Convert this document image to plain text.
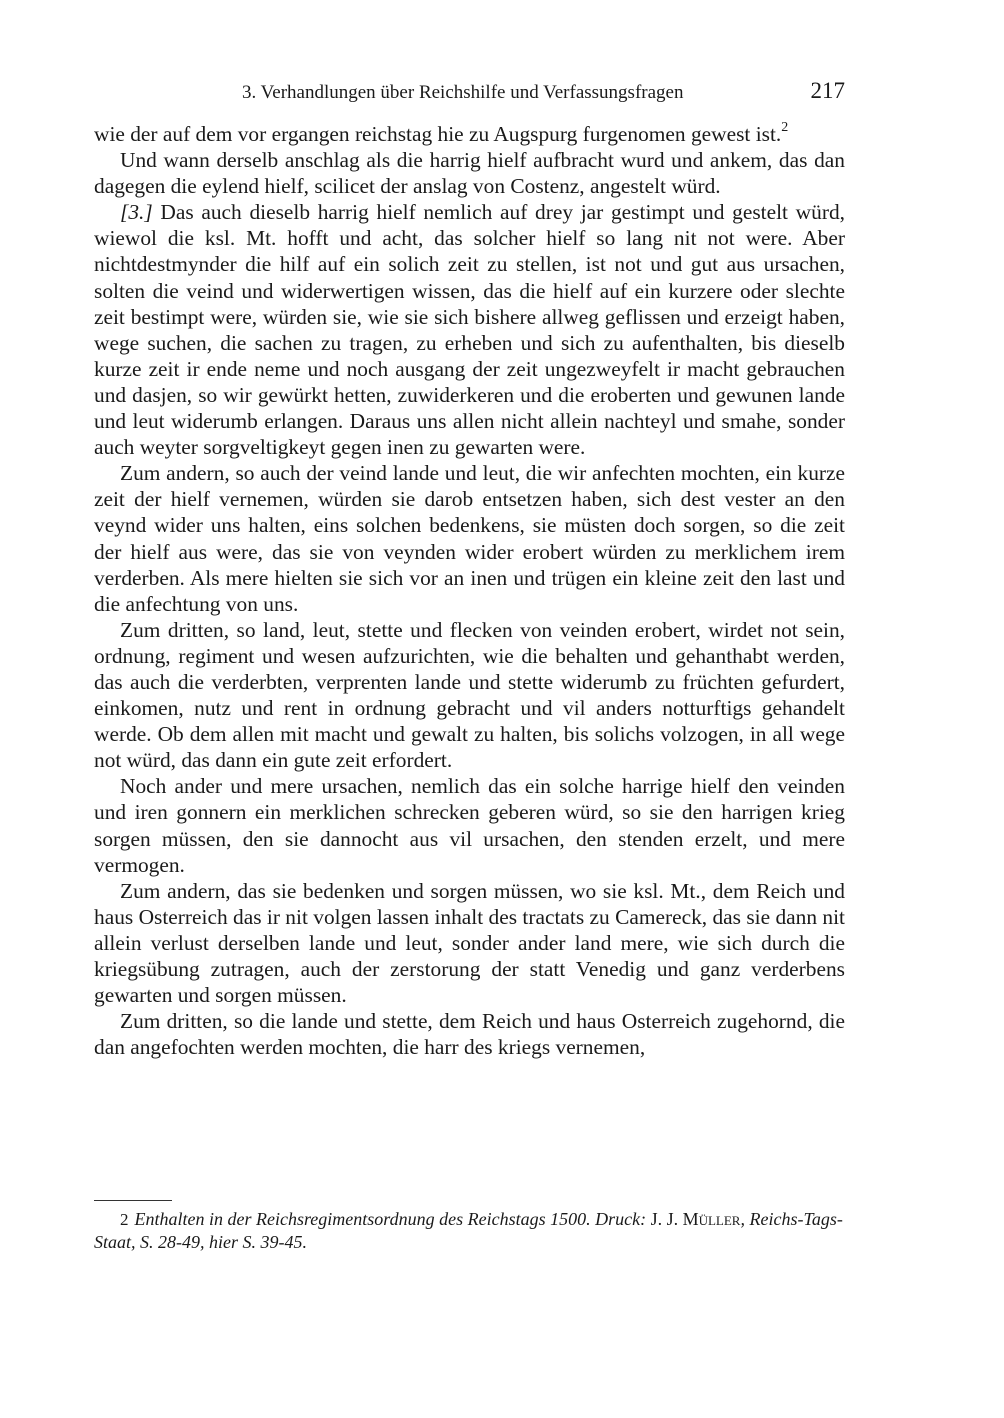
3. Verhandlungen über Reichshilfe und Verfassungsfragen	217

wie der auf dem vor ergangen reichstag hie zu Augspurg furgenomen gewest ist.$^2$

Und wann derselb anschlag als die harrig hielf aufbracht wurd und ankem, das dan dagegen die eylend hielf, scilicet der anslag von Costenz, angestelt würd.

[3.] Das auch dieselb harrig hielf nemlich auf drey jar gestimpt und gestelt würd, wiewol die ksl. Mt. hofft und acht, das solcher hielf so lang nit not were. Aber nichtdestmynder die hilf auf ein solich zeit zu stellen, ist not und gut aus ursachen, solten die veind und widerwertigen wissen, das die hielf auf ein kurzere oder slechte zeit bestimpt were, würden sie, wie sie sich bishere allweg geflissen und erzeigt haben, wege suchen, die sachen zu tragen, zu erheben und sich zu aufenthalten, bis dieselb kurze zeit ir ende neme und noch ausgang der zeit ungezweyfelt ir macht gebrauchen und dasjen, so wir gewürkt hetten, zuwiderkeren und die eroberten und gewunen lande und leut widerumb erlangen. Daraus uns allen nicht allein nachteyl und smahe, sonder auch weyter sorgveltigkeyt gegen inen zu gewarten were.

Zum andern, so auch der veind lande und leut, die wir anfechten mochten, ein kurze zeit der hielf vernemen, würden sie darob entsetzen haben, sich dest vester an den veynd wider uns halten, eins solchen bedenkens, sie müsten doch sorgen, so die zeit der hielf aus were, das sie von veynden wider erobert würden zu merklichem irem verderben. Als mere hielten sie sich vor an inen und trügen ein kleine zeit den last und die anfechtung von uns.

Zum dritten, so land, leut, stette und flecken von veinden erobert, wirdet not sein, ordnung, regiment und wesen aufzurichten, wie die behalten und gehanthabt werden, das auch die verderbten, verprenten lande und stette widerumb zu früchten gefurdert, einkomen, nutz und rent in ordnung gebracht und vil anders notturftigs gehandelt werde. Ob dem allen mit macht und gewalt zu halten, bis solichs volzogen, in all wege not würd, das dann ein gute zeit erfordert.

Noch ander und mere ursachen, nemlich das ein solche harrige hielf den veinden und iren gonnern ein merklichen schrecken geberen würd, so sie den harrigen krieg sorgen müssen, den sie dannocht aus vil ursachen, den stenden erzelt, und mere vermogen.

Zum andern, das sie bedenken und sorgen müssen, wo sie ksl. Mt., dem Reich und haus Osterreich das ir nit volgen lassen inhalt des tractats zu Camereck, das sie dann nit allein verlust derselben lande und leut, sonder ander land mere, wie sich durch die kriegsübung zutragen, auch der zerstorung der statt Venedig und ganz verderbens gewarten und sorgen müssen.

Zum dritten, so die lande und stette, dem Reich und haus Osterreich zugehornd, die dan angefochten werden mochten, die harr des kriegs vernemen,

2 Enthalten in der Reichsregimentsordnung des Reichstags 1500. Druck: J. J. Müller, Reichs-Tags-Staat, S. 28-49, hier S. 39-45.
